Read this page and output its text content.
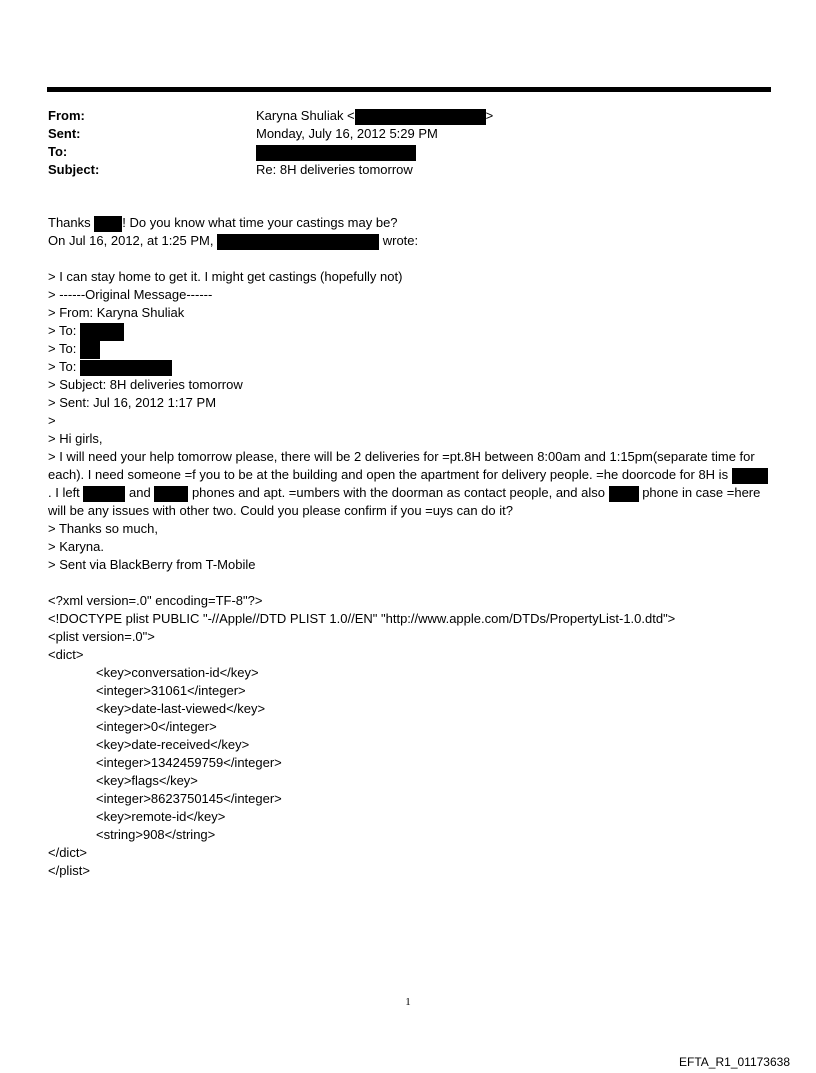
From:	Karyna Shuliak <	>
Sent:	Monday, July 16, 2012 5:29 PM
To:
Subject:	Re: 8H deliveries tomorrow
Thanks ! Do you know what time your castings may be?
On Jul 16, 2012, at 1:25 PM,	wrote:
> I can stay home to get it. I might get castings (hopefully not)
> ------Original Message------
> From: Karyna Shuliak
> To:
> To:
> To:
> Subject: 8H deliveries tomorrow
> Sent: Jul 16, 2012 1:17 PM
>
> Hi girls,
> I will need your help tomorrow please, there will be 2 deliveries for =pt.8H between 8:00am and 1:15pm(separate time for each). I need someone =f you to be at the building and open the apartment for delivery people. =he doorcode for 8H is . I left	and	phones and apt. =umbers with the doorman as contact people, and also  phone in case =here will be any issues with other two. Could you please confirm if you =uys can do it?
> Thanks so much,
> Karyna.
> Sent via BlackBerry from T-Mobile
<?xml version=.0" encoding=TF-8"?>
<!DOCTYPE plist PUBLIC "-//Apple//DTD PLIST 1.0//EN" "http://www.apple.com/DTDs/PropertyList-1.0.dtd">
<plist version=.0">
<dict>
<key>conversation-id</key>
<integer>31061</integer>
<key>date-last-viewed</key>
<integer>0</integer>
<key>date-received</key>
<integer>1342459759</integer>
<key>flags</key>
<integer>8623750145</integer>
<key>remote-id</key>
<string>908</string>
</dict>
</plist>
1
EFTA_R1_01173638
